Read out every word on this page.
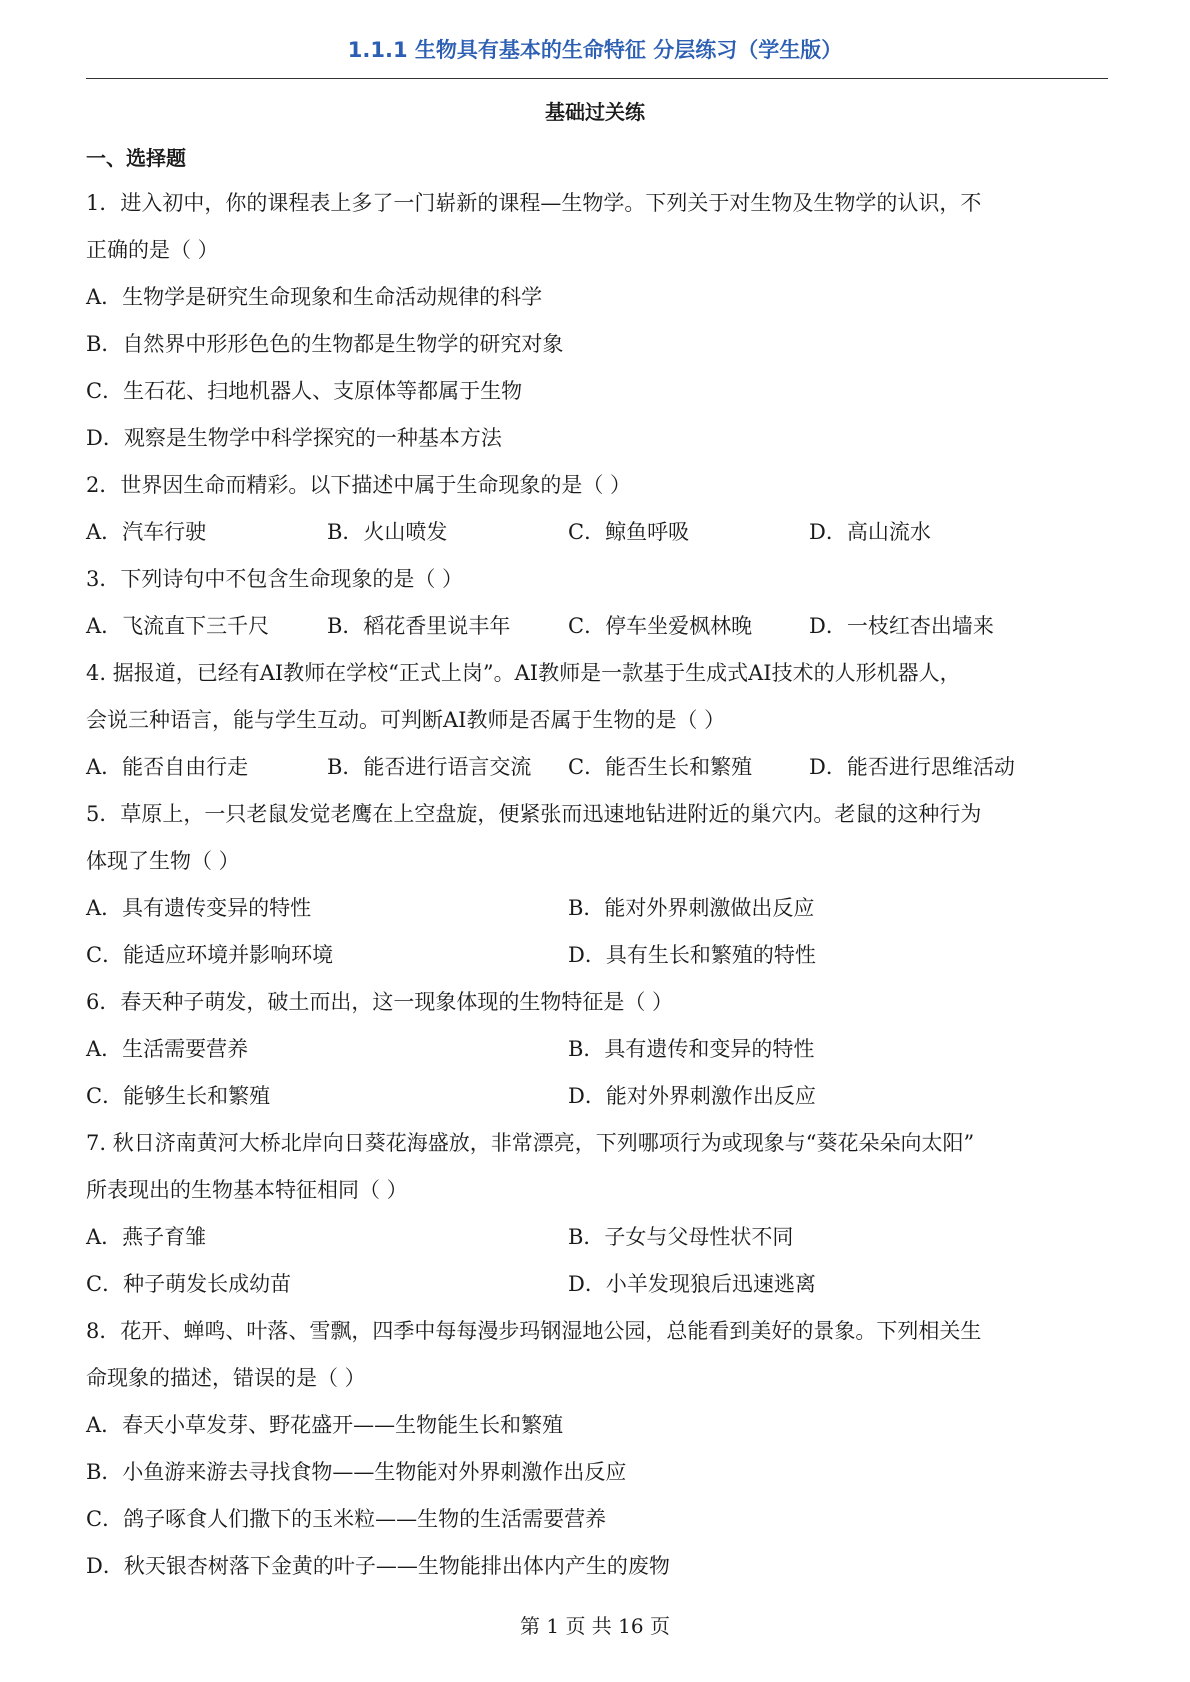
1.1.1 生物具有基本的生命特征 分层练习（学生版）
基础过关练
一、选择题
1．进入初中，你的课程表上多了一门崭新的课程—生物学。下列关于对生物及生物学的认识，不
正确的是（ ）
A．生物学是研究生命现象和生命活动规律的科学
B．自然界中形形色色的生物都是生物学的研究对象
C．生石花、扫地机器人、支原体等都属于生物
D．观察是生物学中科学探究的一种基本方法
2．世界因生命而精彩。以下描述中属于生命现象的是（ ）
A．汽车行驶	B．火山喷发	C．鲸鱼呼吸	D．高山流水
3．下列诗句中不包含生命现象的是（ ）
A．飞流直下三千尺	B．稻花香里说丰年	C．停车坐爱枫林晚	D．一枝红杏出墙来
4. 据报道，已经有AI教师在学校“正式上岗”。AI教师是一款基于生成式AI技术的人形机器人，
会说三种语言，能与学生互动。可判断AI教师是否属于生物的是（ ）
A．能否自由行走	B．能否进行语言交流	C．能否生长和繁殖	D．能否进行思维活动
5．草原上，一只老鼠发觉老鹰在上空盘旋，便紧张而迅速地钻进附近的巢穴内。老鼠的这种行为
体现了生物（ ）
A．具有遗传变异的特性	B．能对外界刺激做出反应
C．能适应环境并影响环境	D．具有生长和繁殖的特性
6．春天种子萌发，破土而出，这一现象体现的生物特征是（ ）
A．生活需要营养	B．具有遗传和变异的特性
C．能够生长和繁殖	D．能对外界刺激作出反应
7. 秋日济南黄河大桥北岸向日葵花海盛放，非常漂亮，下列哪项行为或现象与“葵花朵朵向太阳”
所表现出的生物基本特征相同（ ）
A．燕子育雏	B．子女与父母性状不同
C．种子萌发长成幼苗	D．小羊发现狼后迅速逃离
8．花开、蝉鸣、叶落、雪飘，四季中每每漫步玛钢湿地公园，总能看到美好的景象。下列相关生
命现象的描述，错误的是（ ）
A．春天小草发芽、野花盛开——生物能生长和繁殖
B．小鱼游来游去寻找食物——生物能对外界刺激作出反应
C．鸽子啄食人们撒下的玉米粒——生物的生活需要营养
D．秋天银杏树落下金黄的叶子——生物能排出体内产生的废物
第 1 页 共 16 页
